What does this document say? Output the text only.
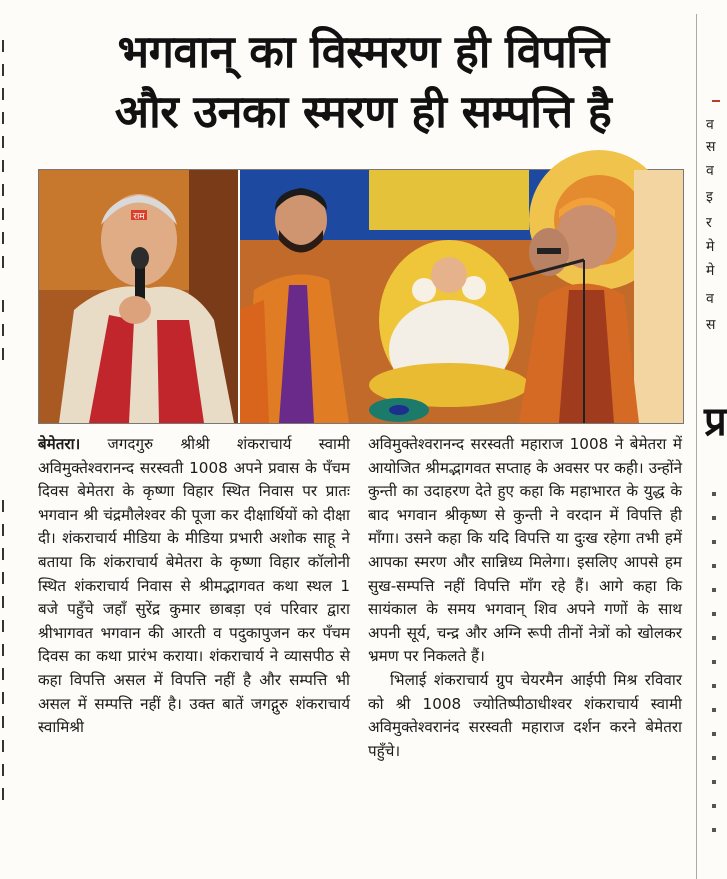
भगवान् का विस्मरण ही विपत्ति
और उनका स्मरण ही सम्पत्ति है
राम

बेमेतरा। जगदगुरु श्रीश्री शंकराचार्य स्वामी अविमुक्तेश्वरानन्द सरस्वती 1008 अपने प्रवास के पँचम दिवस बेमेतरा के कृष्णा विहार स्थित निवास पर प्रातः भगवान श्री चंद्रमौलेश्वर की पूजा कर दीक्षार्थियों को दीक्षा दी। शंकराचार्य मीडिया के मीडिया प्रभारी अशोक साहू ने बताया कि शंकराचार्य बेमेतरा के कृष्णा विहार कॉलोनी स्थित शंकराचार्य निवास से श्रीमद्भागवत कथा स्थल 1 बजे पहुँचे जहाँ सुरेंद्र कुमार छाबड़ा एवं परिवार द्वारा श्रीभागवत भगवान की आरती व पदुकापुजन कर पँचम दिवस का कथा प्रारंभ कराया। शंकराचार्य ने व्यासपीठ से कहा विपत्ति असल में विपत्ति नहीं है और सम्पत्ति भी असल में सम्पत्ति नहीं है। उक्त बातें जगद्गुरु शंकराचार्य स्वामिश्री

अविमुक्तेश्वरानन्द सरस्वती महाराज 1008 ने बेमेतरा में आयोजित श्रीमद्भागवत सप्ताह के अवसर पर कही। उन्होंने कुन्ती का उदाहरण देते हुए कहा कि महाभारत के युद्ध के बाद भगवान श्रीकृष्ण से कुन्ती ने वरदान में विपत्ति ही माँगा। उसने कहा कि यदि विपत्ति या दुःख रहेगा तभी हमें आपका स्मरण और सान्निध्य मिलेगा। इसलिए आपसे हम सुख-सम्पत्ति नहीं विपत्ति माँग रहे हैं। आगे कहा कि सायंकाल के समय भगवान् शिव अपने गणों के साथ अपनी सूर्य, चन्द्र और अग्नि रूपी तीनों नेत्रों को खोलकर भ्रमण पर निकलते हैं।

भिलाई शंकराचार्य ग्रुप चेयरमैन आईपी मिश्र रविवार को श्री 1008 ज्योतिष्पीठाधीश्वर शंकराचार्य स्वामी अविमुक्तेश्वरानंद सरस्वती महाराज दर्शन करने बेमेतरा पहुँचे।

व
स
व
इ
र
मे
मे
व
स
प्र
